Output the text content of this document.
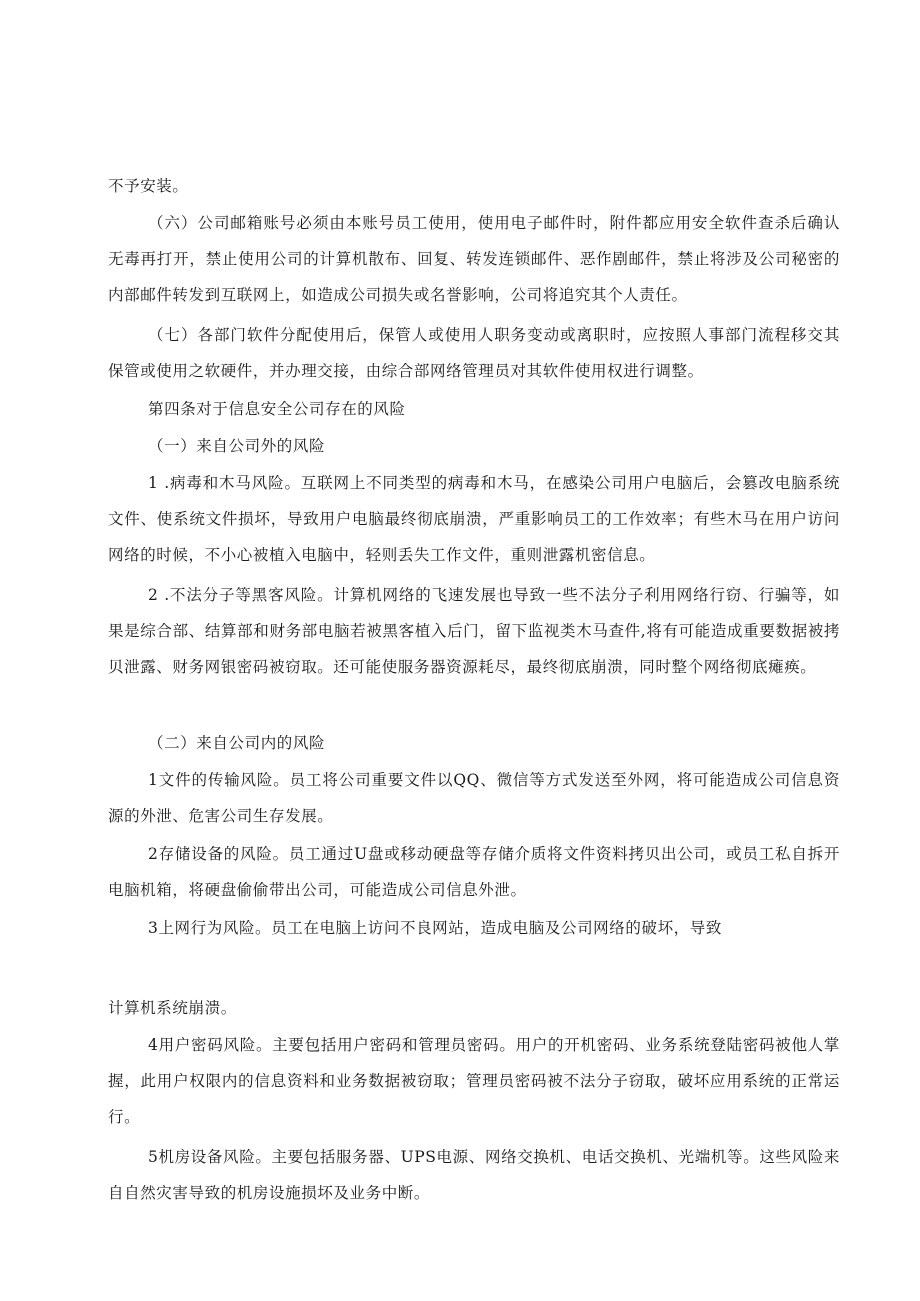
不予安装。

（六）公司邮箱账号必须由本账号员工使用，使用电子邮件时，附件都应用安全软件查杀后确认无毒再打开，禁止使用公司的计算机散布、回复、转发连锁邮件、恶作剧邮件，禁止将涉及公司秘密的内部邮件转发到互联网上，如造成公司损失或名誉影响，公司将追究其个人责任。

（七）各部门软件分配使用后，保管人或使用人职务变动或离职时，应按照人事部门流程移交其保管或使用之软硬件，并办理交接，由综合部网络管理员对其软件使用权进行调整。

第四条对于信息安全公司存在的风险

（一）来自公司外的风险

1 .病毒和木马风险。互联网上不同类型的病毒和木马，在感染公司用户电脑后，会篡改电脑系统文件、使系统文件损坏，导致用户电脑最终彻底崩溃，严重影响员工的工作效率；有些木马在用户访问网络的时候，不小心被植入电脑中，轻则丢失工作文件，重则泄露机密信息。

2 .不法分子等黑客风险。计算机网络的飞速发展也导致一些不法分子利用网络行窃、行骗等，如果是综合部、结算部和财务部电脑若被黑客植入后门，留下监视类木马查件,将有可能造成重要数据被拷贝泄露、财务网银密码被窃取。还可能使服务器资源耗尽，最终彻底崩溃，同时整个网络彻底瘫痪。

（二）来自公司内的风险

1文件的传输风险。员工将公司重要文件以QQ、微信等方式发送至外网，将可能造成公司信息资源的外泄、危害公司生存发展。

2存储设备的风险。员工通过U盘或移动硬盘等存储介质将文件资料拷贝出公司，或员工私自拆开电脑机箱，将硬盘偷偷带出公司，可能造成公司信息外泄。

3上网行为风险。员工在电脑上访问不良网站，造成电脑及公司网络的破坏，导致

计算机系统崩溃。

4用户密码风险。主要包括用户密码和管理员密码。用户的开机密码、业务系统登陆密码被他人掌握，此用户权限内的信息资料和业务数据被窃取；管理员密码被不法分子窃取，破坏应用系统的正常运行。

5机房设备风险。主要包括服务器、UPS电源、网络交换机、电话交换机、光端机等。这些风险来自自然灾害导致的机房设施损坏及业务中断。
